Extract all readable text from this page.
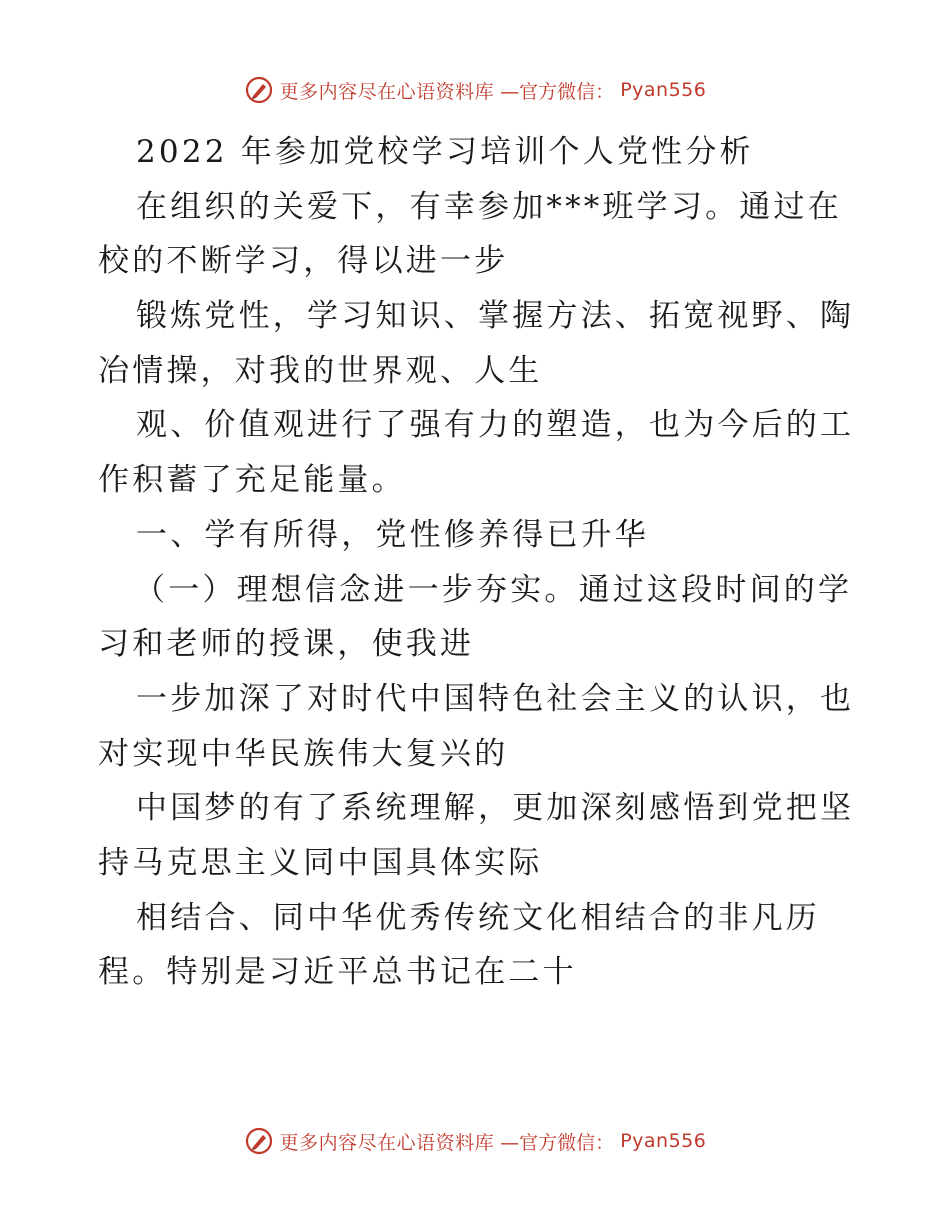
更多内容尽在心语资料库 —官方微信： Pyan556
2022 年参加党校学习培训个人党性分析
在组织的关爱下，有幸参加***班学习。通过在
校的不断学习，得以进一步
锻炼党性，学习知识、掌握方法、拓宽视野、陶
冶情操，对我的世界观、人生
观、价值观进行了强有力的塑造，也为今后的工
作积蓄了充足能量。
一、学有所得，党性修养得已升华
（一）理想信念进一步夯实。通过这段时间的学
习和老师的授课，使我进
一步加深了对时代中国特色社会主义的认识，也
对实现中华民族伟大复兴的
中国梦的有了系统理解，更加深刻感悟到党把坚
持马克思主义同中国具体实际
相结合、同中华优秀传统文化相结合的非凡历
程。特别是习近平总书记在二十
更多内容尽在心语资料库 —官方微信： Pyan556
